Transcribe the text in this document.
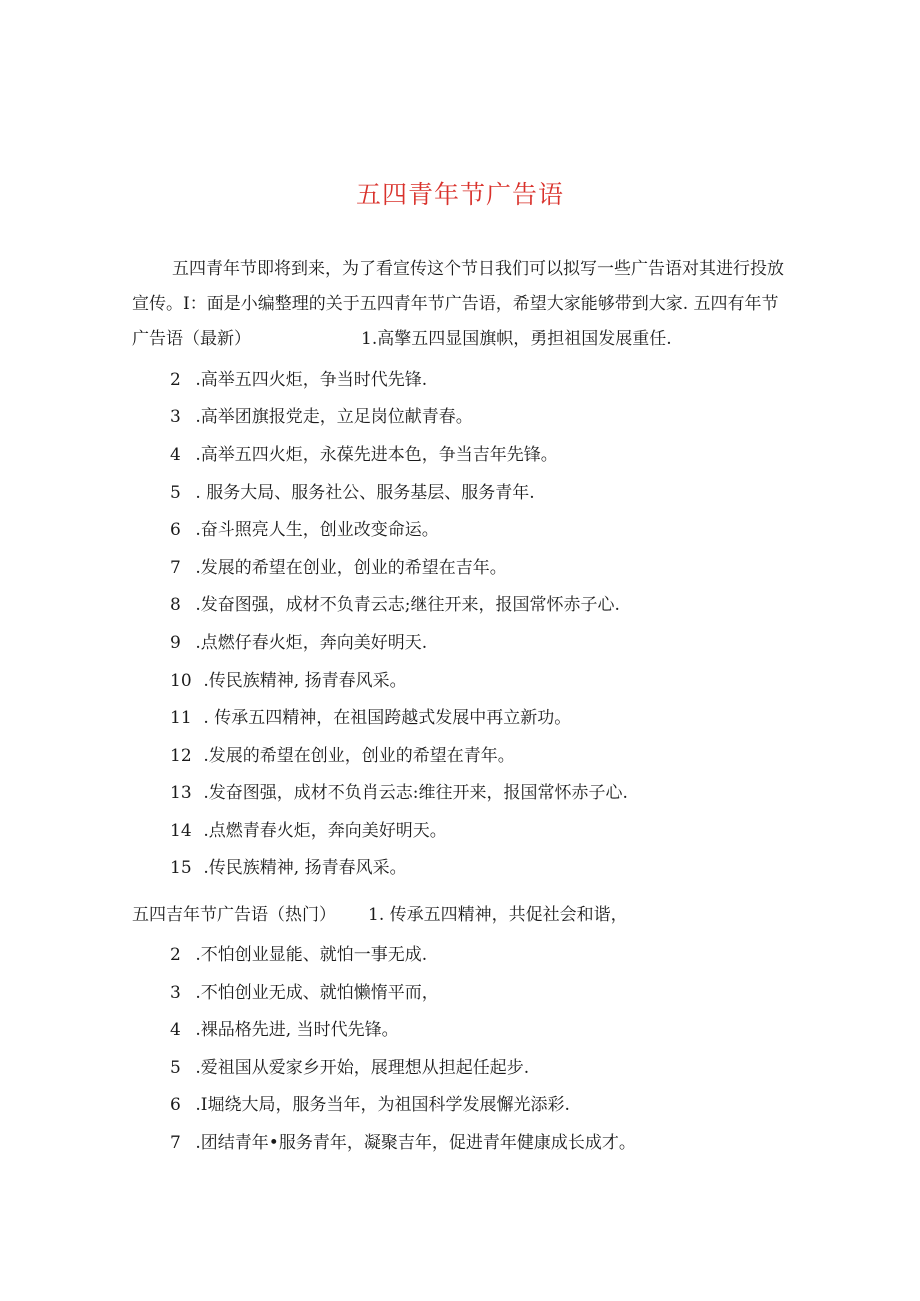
五四青年节广告语
五四青年节即将到来，为了看宣传这个节日我们可以拟写一些广告语对其进行投放
宣传。I：面是小编整理的关于五四青年节广告语，希望大家能够带到大家. 五四有年节
广告语（最新）	1.高擎五四显国旗帜，勇担祖国发展重任.
2 .高举五四火炬，争当时代先锋.
3 .高举团旗报党走，立足岗位献青春。
4 .高举五四火炬，永葆先进本色，争当吉年先锋。
5 . 服务大局、服务社公、服务基层、服务青年.
6 .奋斗照亮人生，创业改变命运。
7 .发展的希望在创业，创业的希望在吉年。
8 .发奋图强，成材不负青云志;继往开来，报国常怀赤子心.
9 .点燃仔春火炬，奔向美好明天.
10 .传民族精神, 扬青春风采。
11 . 传承五四精神，在祖国跨越式发展中再立新功。
12 .发展的希望在创业，创业的希望在青年。
13 .发奋图强，成材不负肖云志:维往开来，报国常怀赤子心.
14 .点燃青春火炬，奔向美好明天。
15 .传民族精神, 扬青春风采。
五四吉年节广告语（热门） 1. 传承五四精神，共促社会和谐，
2 .不怕创业显能、就怕一事无成.
3 .不怕创业无成、就怕懒惰平而，
4 .裸品格先进, 当时代先锋。
5 .爱祖国从爱家乡开始，展理想从担起任起步.
6 .I堀绕大局，服务当年，为祖国科学发展懈光添彩.
7 .团结青年•服务青年，凝聚吉年，促进青年健康成长成才。
